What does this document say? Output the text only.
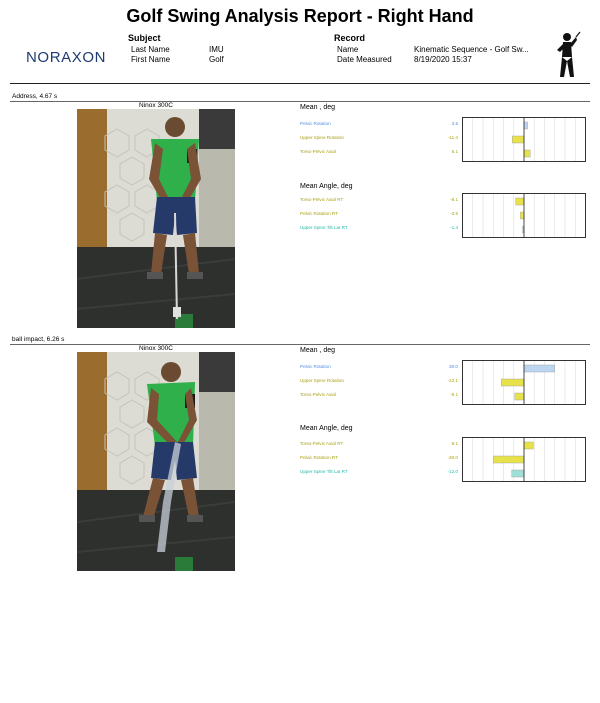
Golf Swing Analysis Report - Right Hand
NORAXON
Subject
Last Name	IMU
First Name	Golf
Record
Name	Kinematic Sequence - Golf Sw...
Date Measured	8/19/2020 15:37
Address, 4.67 s
Ninox 300C	Mean , deg
Mean Angle, deg
Pelvic Rotation	3.5
Upper Spine Rotation	-11.4
Torso-Pelvic Axial	6.1
Torso-Pelvic Axial RT	-8.1
Pelvic Rotation RT	-3.5
Upper Spine Tilt Lat RT	-1.4
ball impact, 6.26 s
Ninox 300C	Mean , deg
Mean Angle, deg
Pelvic Rotation	30.0
Upper Spine Rotation	-22.1
Torso-Pelvic Axial	-9.1
Torso-Pelvic Axial RT	9.1
Pelvic Rotation RT	-30.0
Upper Spine Tilt Lat RT	-12.0
